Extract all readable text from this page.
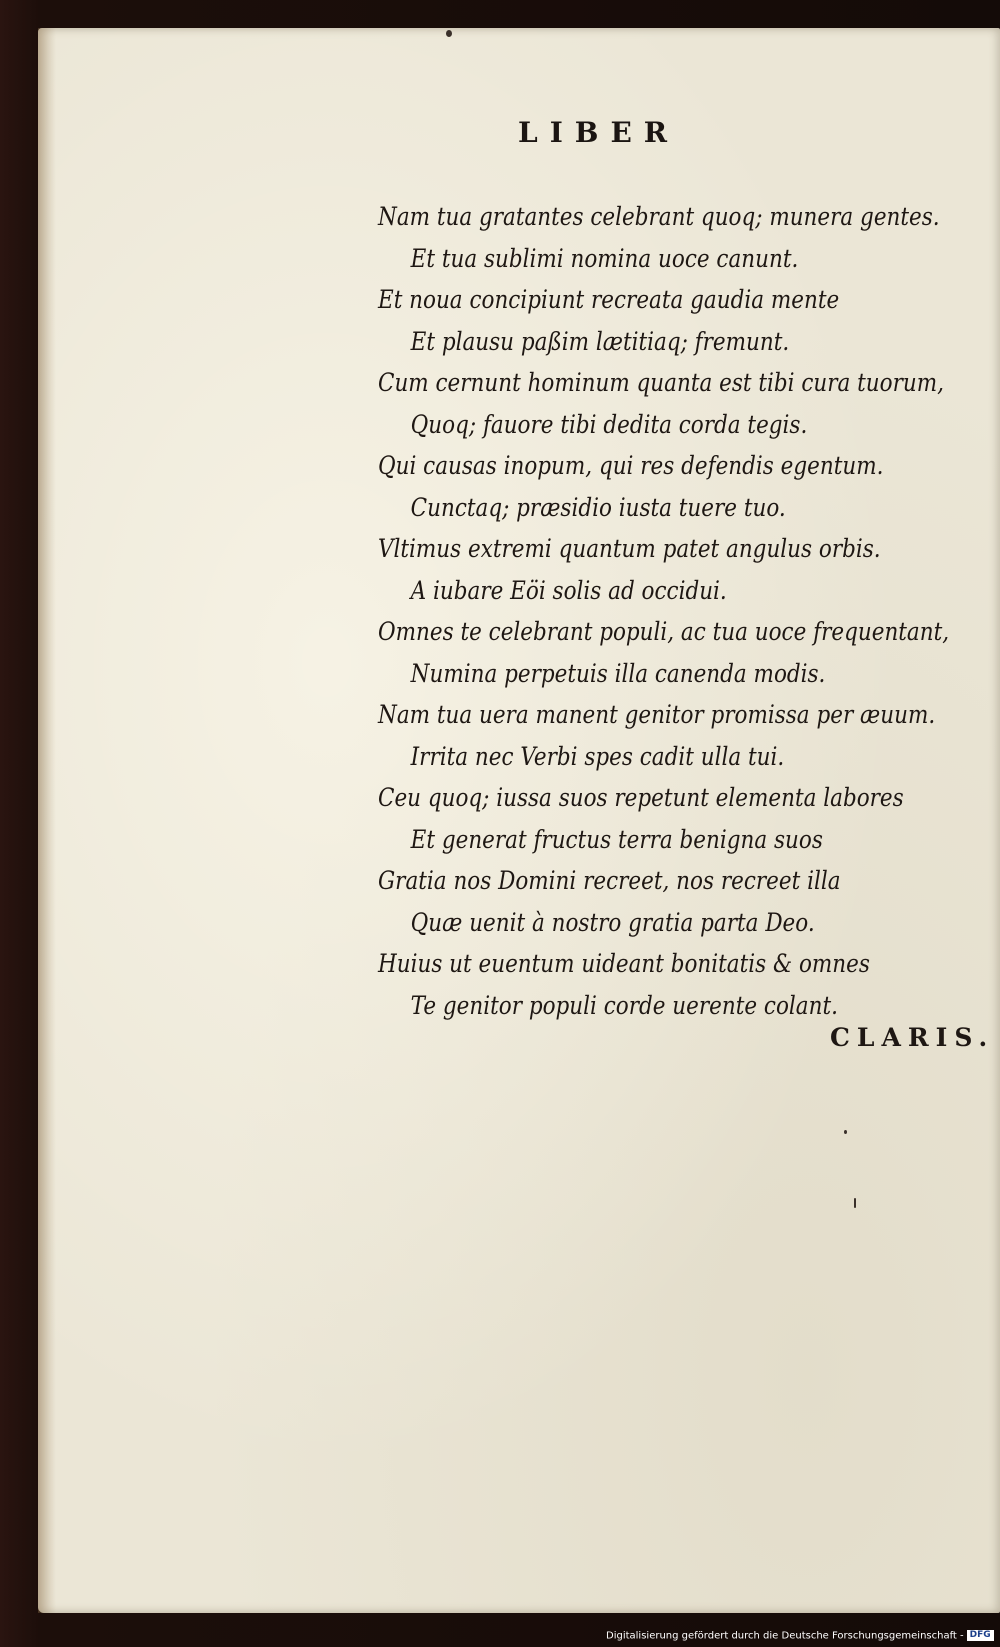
LIBER
Nam tua gratantes celebrant quoq; munera gentes.
Et tua sublimi nomina uoce canunt.
Et noua concipiunt recreata gaudia mente
Et plausu paßim lætitiaq; fremunt.
Cum cernunt hominum quanta est tibi cura tuorum,
Quoq; fauore tibi dedita corda tegis.
Qui causas inopum, qui res defendis egentum.
Cunctaq; præsidio iusta tuere tuo.
Vltimus extremi quantum patet angulus orbis.
A iubare Eöi solis ad occidui.
Omnes te celebrant populi, ac tua uoce frequentant,
Numina perpetuis illa canenda modis.
Nam tua uera manent genitor promissa per æuum.
Irrita nec Verbi spes cadit ulla tui.
Ceu quoq; iussa suos repetunt elementa labores
Et generat fructus terra benigna suos
Gratia nos Domini recreet, nos recreet illa
Quæ uenit à nostro gratia parta Deo.
Huius ut euentum uideant bonitatis & omnes
Te genitor populi corde uerente colant.
CLARIS.
Digitalisierung gefördert durch die Deutsche Forschungsgemeinschaft - DFG
